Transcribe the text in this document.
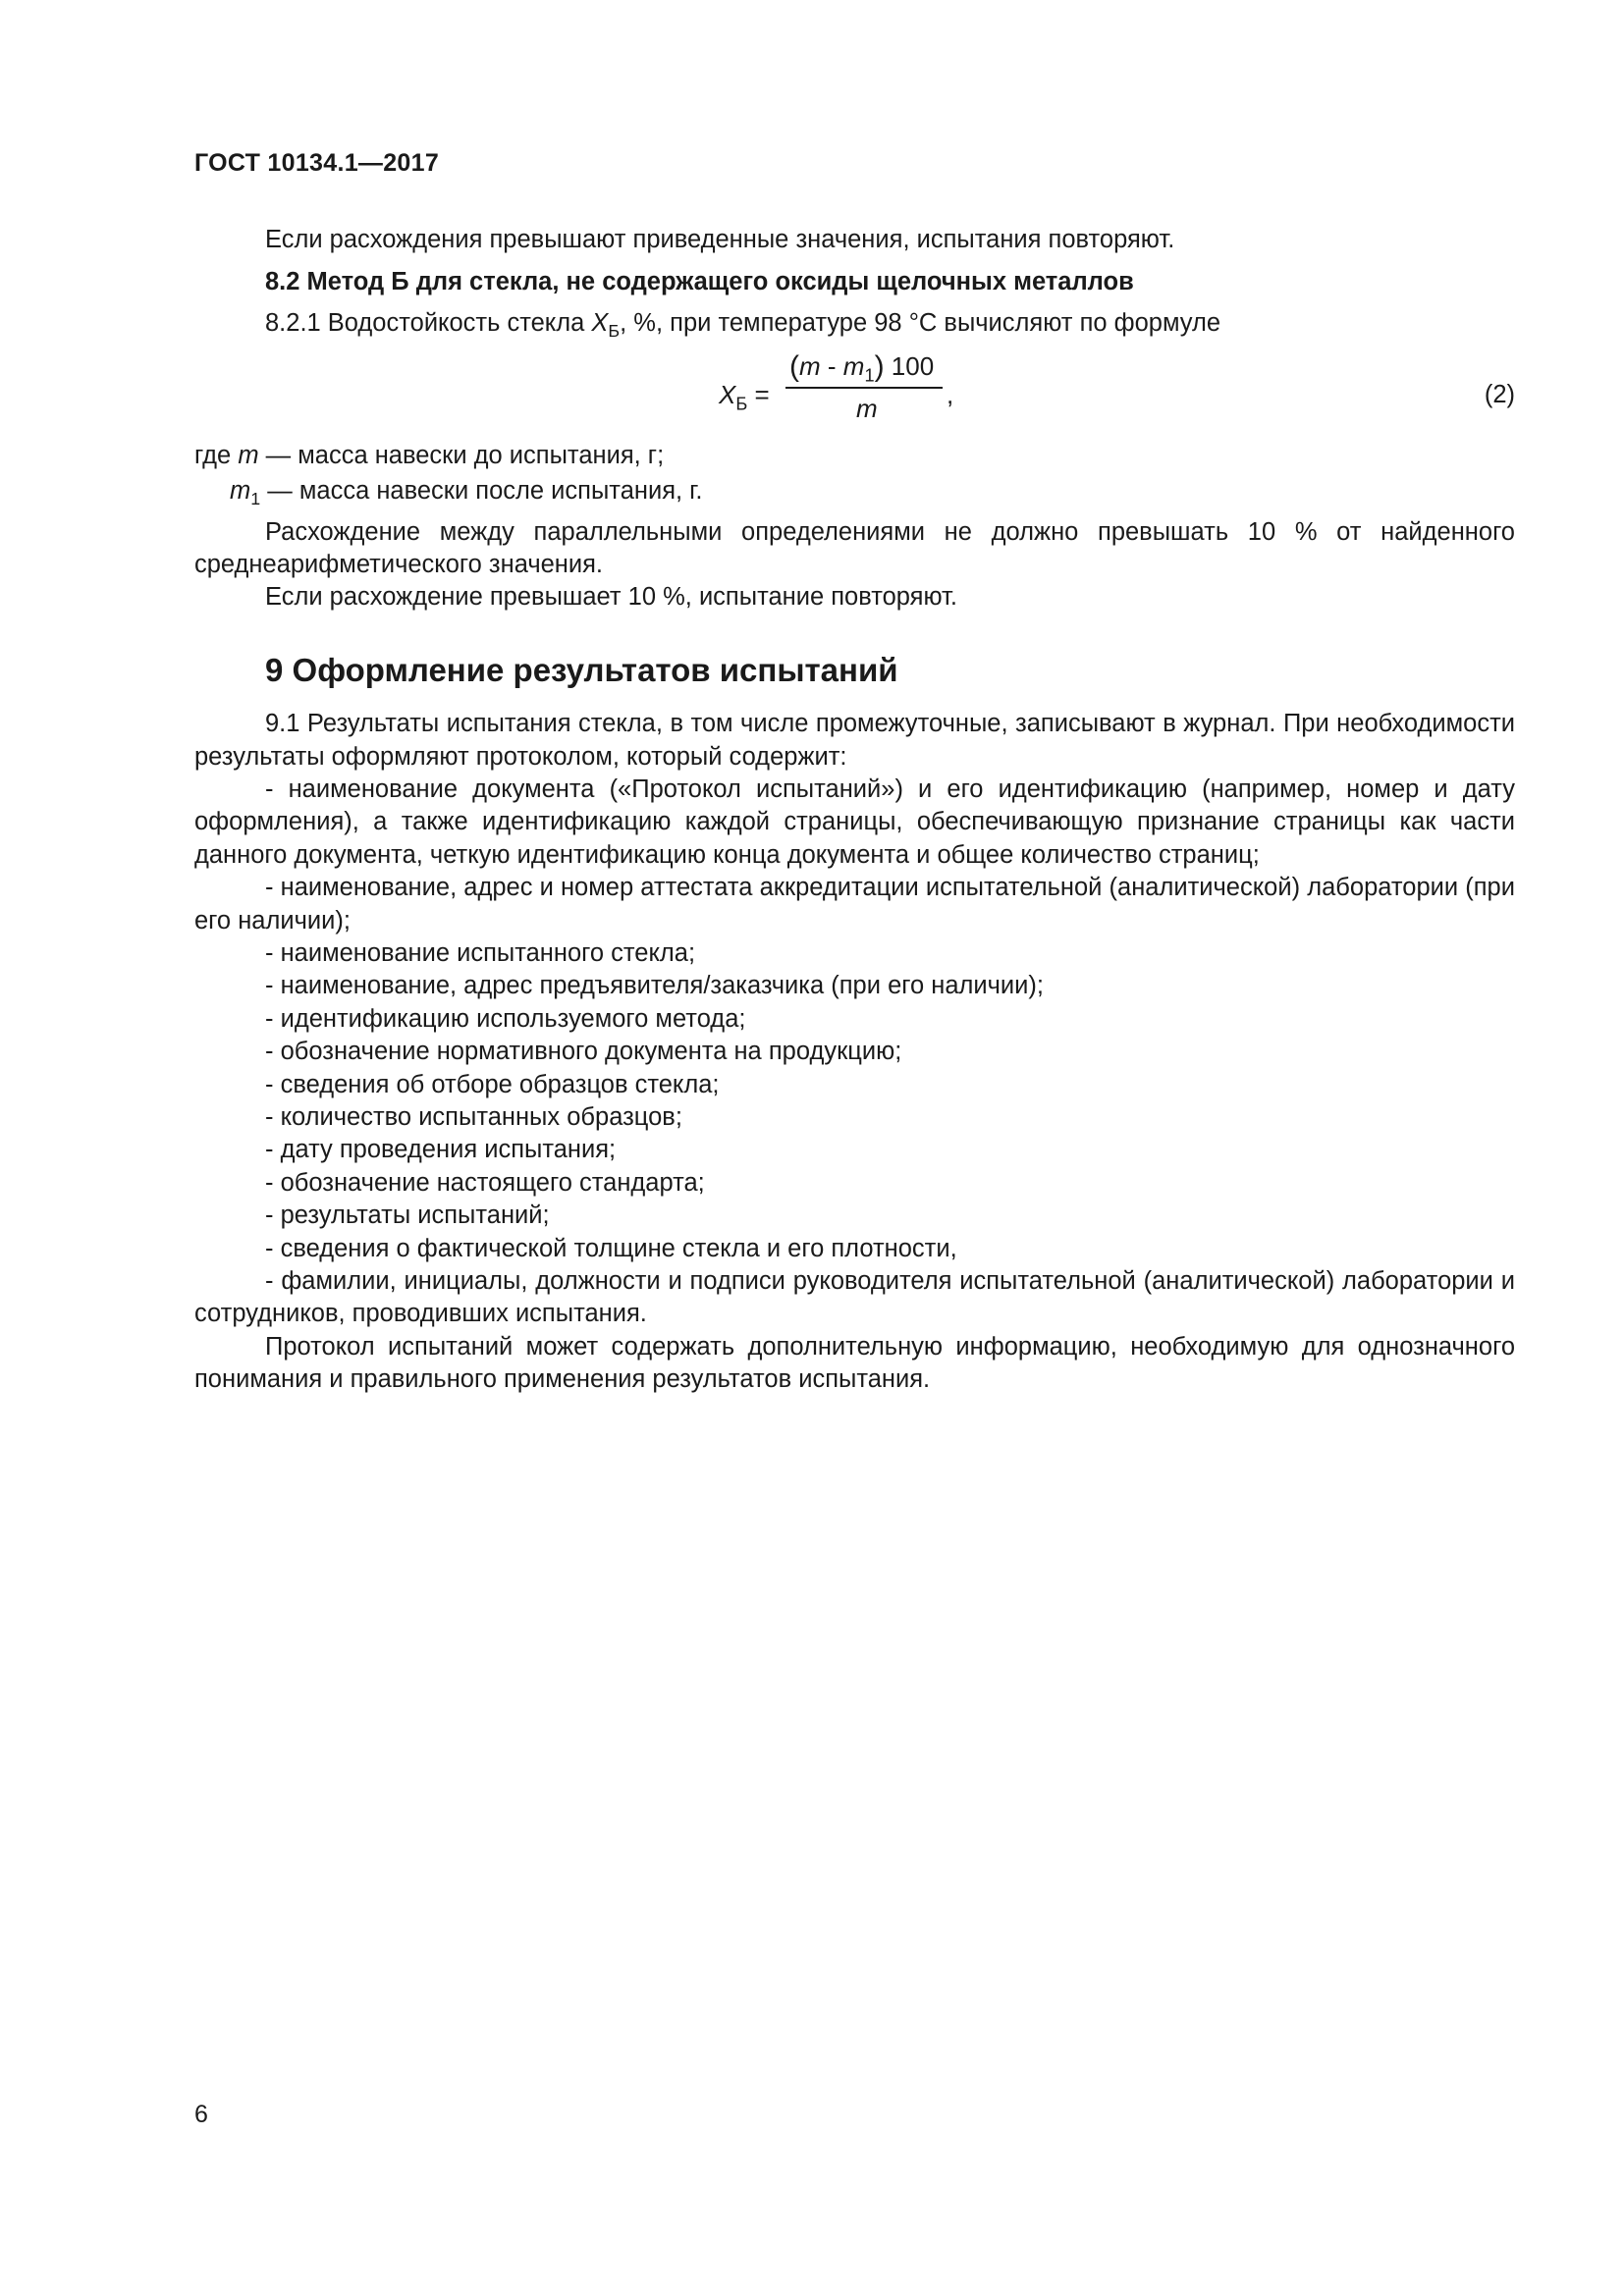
ГОСТ 10134.1—2017

Если расхождения превышают приведенные значения, испытания повторяют.

8.2 Метод Б для стекла, не содержащего оксиды щелочных металлов

8.2.1 Водостойкость стекла $X_Б$, %, при температуре 98 °С вычисляют по формуле

$X_Б$ =
$(m - m_1)$ 100
m	,	(2)

где m — масса навески до испытания, г;

$m_1$ — масса навески после испытания, г.

Расхождение между параллельными определениями не должно превышать 10 % от найденного среднеарифметического значения.

Если расхождение превышает 10 %, испытание повторяют.

9 Оформление результатов испытаний

9.1 Результаты испытания стекла, в том числе промежуточные, записывают в журнал. При необходимости результаты оформляют протоколом, который содержит:

- наименование документа («Протокол испытаний») и его идентификацию (например, номер и дату оформления), а также идентификацию каждой страницы, обеспечивающую признание страницы как части данного документа, четкую идентификацию конца документа и общее количество страниц;

- наименование, адрес и номер аттестата аккредитации испытательной (аналитической) лаборатории (при его наличии);

- наименование испытанного стекла;

- наименование, адрес предъявителя/заказчика (при его наличии);

- идентификацию используемого метода;

- обозначение нормативного документа на продукцию;

- сведения об отборе образцов стекла;

- количество испытанных образцов;

- дату проведения испытания;

- обозначение настоящего стандарта;

- результаты испытаний;

- сведения о фактической толщине стекла и его плотности,

- фамилии, инициалы, должности и подписи руководителя испытательной (аналитической) лаборатории и сотрудников, проводивших испытания.

Протокол испытаний может содержать дополнительную информацию, необходимую для однозначного понимания и правильного применения результатов испытания.

6
